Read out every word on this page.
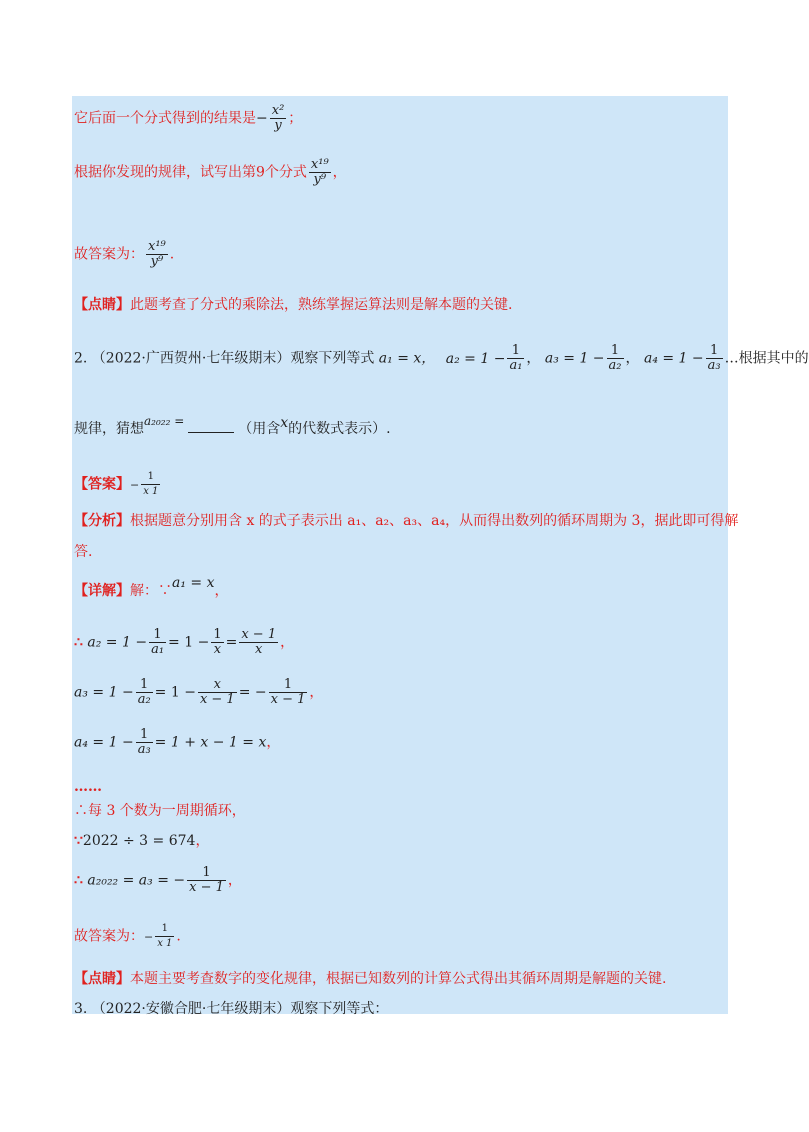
它后面一个分式得到的结果是− $\frac{\text{x²}}{y}$ ；
根据你发现的规律，试写出第9个分式 $\frac{\text{x¹⁹}}{\text{y⁹}}$ ，
故答案为： $\frac{\text{x¹⁹}}{\text{y⁹}}$ .
【点睛】此题考查了分式的乘除法，熟练掌握运算法则是解本题的关键.
2. （2022·广西贺州·七年级期末）观察下列等式 a₁ = x， $a_2 = 1 - \frac{1}{\text{a₁}}$ ， $a_3 = 1 - \frac{1}{\text{a₂}}$ ， $a_4 = 1 - \frac{1}{\text{a₃}}$ …根据其中的
规律，猜想a₂₀₂₂ =	（用含x的代数式表示）.
【答案】− $\frac{1}{x 1}$
【分析】根据题意分别用含 x 的式子表示出 a₁、a₂、a₃、a₄，从而得出数列的循环周期为 3，据此即可得解
答.
【详解】解：∵a₁ = x，
∴ $a_2 = 1 - \frac{1}{\text{a₁}} = 1 - \frac{1}{x} = \frac{x - 1}{x}$ ，
$a_3 = 1 - \frac{1}{\text{a₂}} = 1 - \frac{x}{x - 1}$ = − $\frac{1}{x - 1}$ ，
$a_4 = 1 - \frac{1}{\text{a₃}} = 1 + x - 1 = x$，
……
∴每 3 个数为一周期循环，
∵2022 ÷ 3 = 674，
∴ a₂₀₂₂ = a₃ = − $\frac{1}{x - 1}$ ，
故答案为：− $\frac{1}{x 1}$ .
【点睛】本题主要考查数字的变化规律，根据已知数列的计算公式得出其循环周期是解题的关键.
3. （2022·安徽合肥·七年级期末）观察下列等式：
